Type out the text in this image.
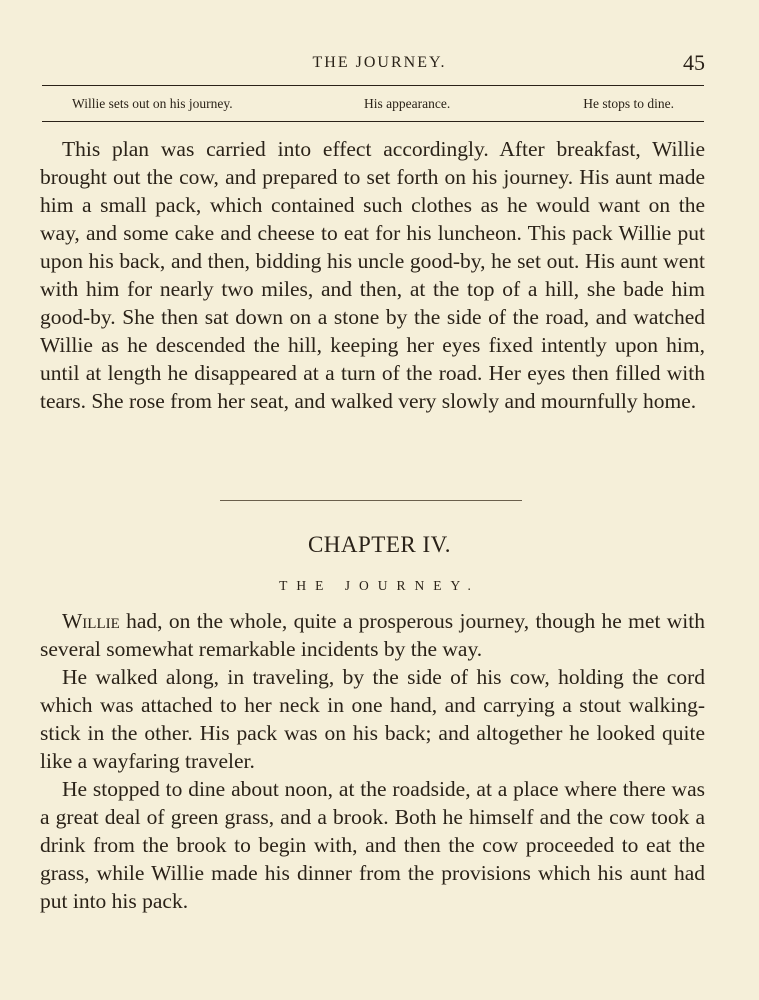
THE JOURNEY.	45
Willie sets out on his journey.	His appearance.	He stops to dine.

This plan was carried into effect accordingly. After breakfast, Willie brought out the cow, and prepared to set forth on his journey. His aunt made him a small pack, which contained such clothes as he would want on the way, and some cake and cheese to eat for his luncheon. This pack Willie put upon his back, and then, bidding his uncle good-by, he set out. His aunt went with him for nearly two miles, and then, at the top of a hill, she bade him good-by. She then sat down on a stone by the side of the road, and watched Willie as he descended the hill, keeping her eyes fixed intently upon him, until at length he disappeared at a turn of the road. Her eyes then filled with tears. She rose from her seat, and walked very slowly and mournfully home.

CHAPTER IV.
THE JOURNEY.

Willie had, on the whole, quite a prosperous journey, though he met with several somewhat remarkable incidents by the way.

He walked along, in traveling, by the side of his cow, holding the cord which was attached to her neck in one hand, and carrying a stout walking-stick in the other. His pack was on his back; and altogether he looked quite like a wayfaring traveler.

He stopped to dine about noon, at the roadside, at a place where there was a great deal of green grass, and a brook. Both he himself and the cow took a drink from the brook to begin with, and then the cow proceeded to eat the grass, while Willie made his dinner from the provisions which his aunt had put into his pack.
